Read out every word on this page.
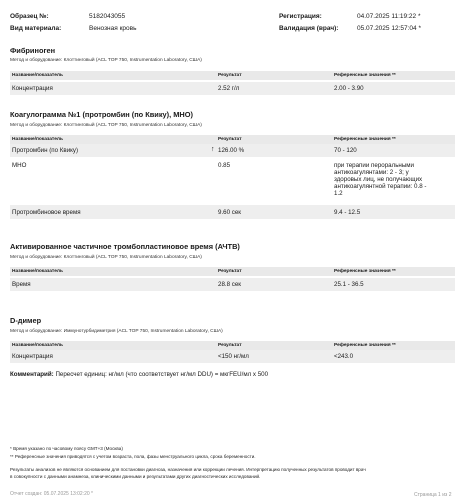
Образец №:	5182043055
Вид материала:	Венозная кровь
Регистрация:	04.07.2025 11:19:22 *
Валидация (врач):	05.07.2025 12:57:04 *
Фибриноген
Метод и оборудование: Клоттинговый (ACL TOP 750, Instrumentation Laboratory, США)
Название/показатель	Результат	Референсные значения **
Концентрация	2.52 г/л	2.00 - 3.90
Коагулограмма №1 (протромбин (по Квику), МНО)
Метод и оборудование: Клоттинговый (ACL TOP 750, Instrumentation Laboratory, США)
Название/показатель	Результат	Референсные значения **
Протромбин (по Квику)	↑ 126.00 %	70 - 120
МНО	0.85	при терапии пероральными
антикоагулянтами: 2 - 3; у
здоровых лиц, не получающих
антикоагулянтной терапии: 0.8 -
1.2
Протромбиновое время	9.60 сек	9.4 - 12.5
Активированное частичное тромбопластиновое время (АЧТВ)
Метод и оборудование: Клоттинговый (ACL TOP 750, Instrumentation Laboratory, США)
Название/показатель	Результат	Референсные значения **
Время	28.8 сек	25.1 - 36.5
D-димер
Метод и оборудование: Иммунотурбидиметрия (ACL TOP 750, Instrumentation Laboratory, США)
Название/показатель	Результат	Референсные значения **
Концентрация	<150 нг/мл	<243.0
Комментарий: Пересчет единиц: нг/мл (что соответствует нг/мл DDU) = мкгFEU/мл х 500
* Время указано по часовому поясу GMT+3 (Москва)
** Референсные значения приводятся с учетом возраста, пола, фазы менструального цикла, срока беременности.
Результаты анализов не являются основанием для постановки диагноза, назначения или коррекции лечения. Интерпретацию полученных результатов проводит врач
в совокупности с данными анамнеза, клиническими данными и результатами других диагностических исследований.
Отчет создан: 05.07.2025 13:02:20 *	Страница 1 из 2
